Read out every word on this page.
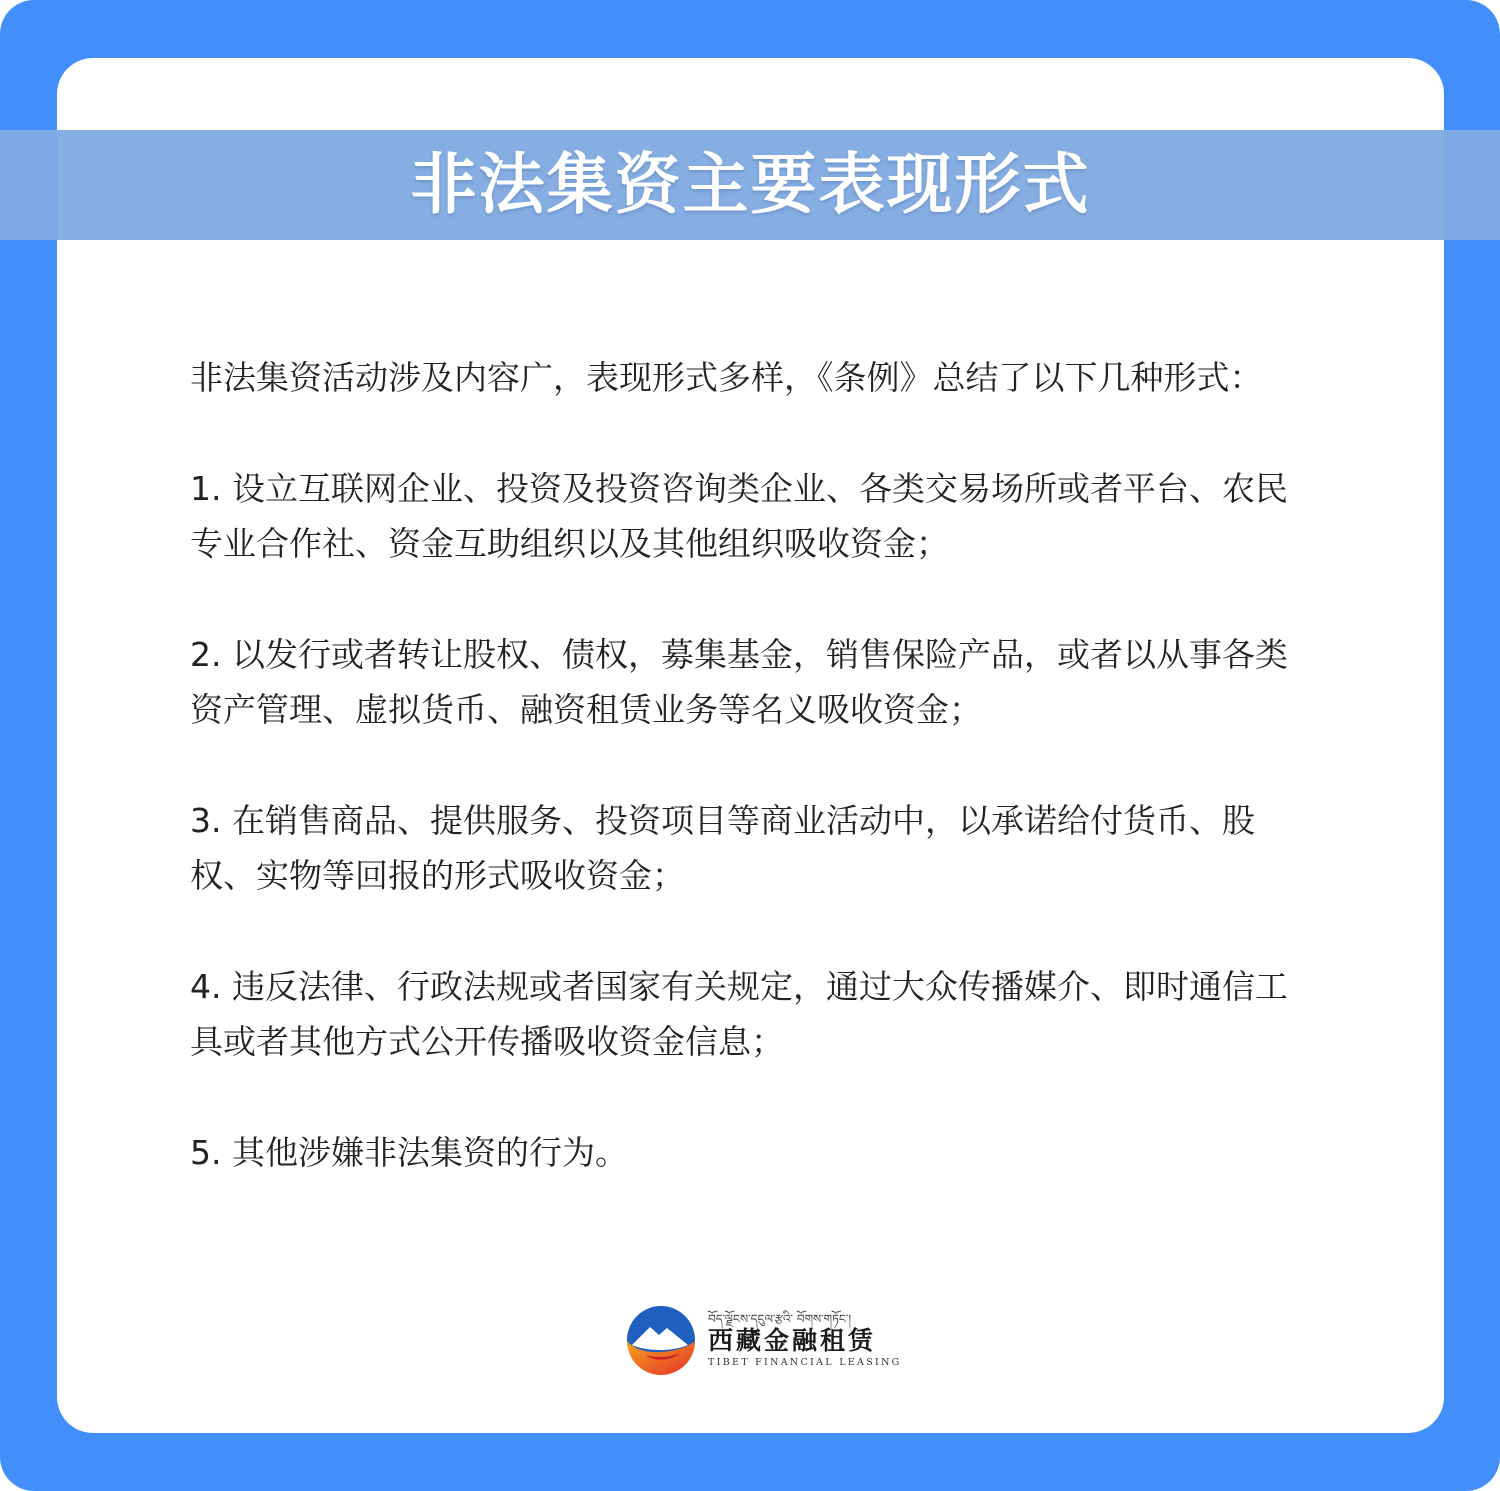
非法集资主要表现形式

非法集资活动涉及内容广，表现形式多样，《条例》总结了以下几种形式：

1. 设立互联网企业、投资及投资咨询类企业、各类交易场所或者平台、农民专业合作社、资金互助组织以及其他组织吸收资金；

2. 以发行或者转让股权、债权，募集基金，销售保险产品，或者以从事各类资产管理、虚拟货币、融资租赁业务等名义吸收资金；

3. 在销售商品、提供服务、投资项目等商业活动中，以承诺给付货币、股权、实物等回报的形式吸收资金；

4. 违反法律、行政法规或者国家有关规定，通过大众传播媒介、即时通信工具或者其他方式公开传播吸收资金信息；

5. 其他涉嫌非法集资的行为。

བོད་ལྗོངས་དངུལ་རྩའི་ བོགས་གཏོང་།
西藏金融租赁
TIBET FINANCIAL LEASING
